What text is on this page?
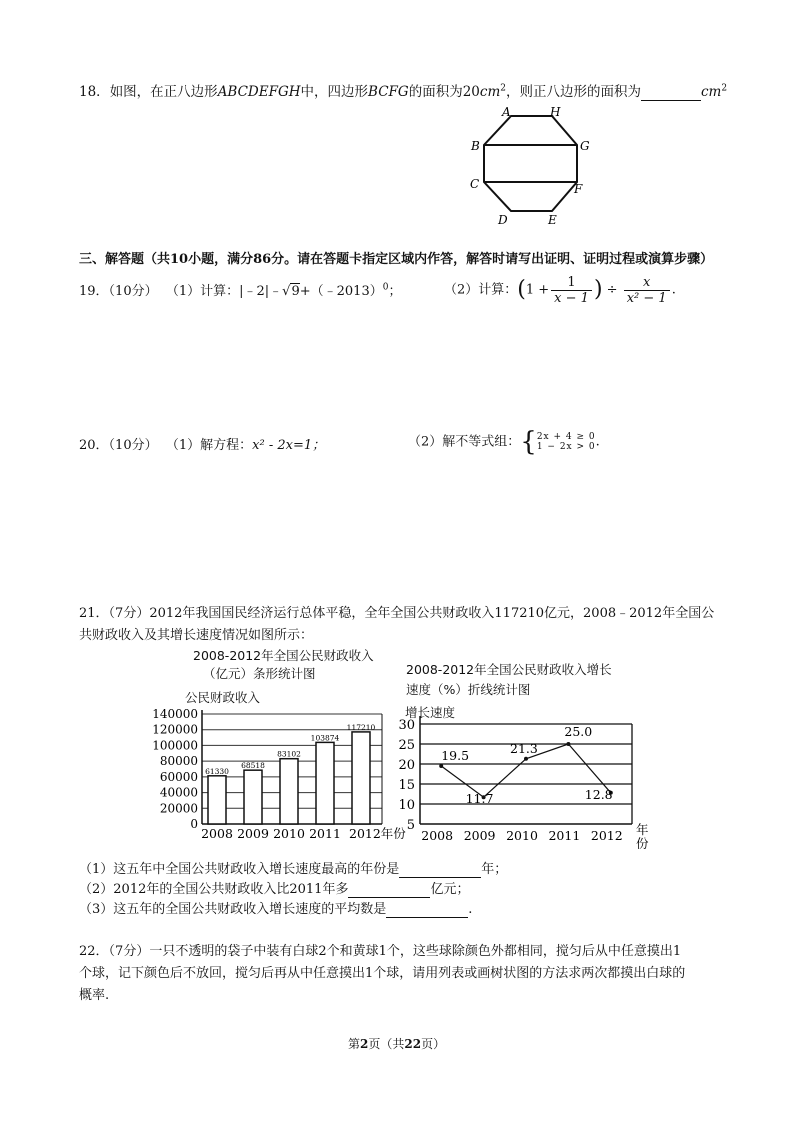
18．如图，在正八边形ABCDEFGH中，四边形BCFG的面积为$20cm^2$，则正八边形的面积为	$cm^2$
A	H
B	G
C	F
D	E
三、解答题（共10小题，满分86分。请在答题卡指定区域内作答，解答时请写出证明、证明过程或演算步骤）
19．（10分） （1）计算：|﹣2|﹣√9+（﹣2013）$^0$；	（2）计算：($1 + \frac{1}{x - 1}$ ) ÷ $\frac{x}{\text{x² − 1}}$ .
20．（10分） （1）解方程：x² - 2x=1；	（2）解不等式组：{ 2x + 4 ≥ 0
1 − 2x > 0 .
21．（7分）2012年我国国民经济运行总体平稳，全年全国公共财政收入117210亿元，2008﹣2012年全国公
共财政收入及其增长速度情况如图所示：
2008-2012年全国公民财政收入
（亿元）条形统计图
公民财政收入
0
20000
40000
60000
80000
100000
120000
140000
61330
2008
68518
2009
83102
2010
103874
2011
117210
2012年份
2008-2012年全国公民财政收入增长
速度（%）折线统计图
增长速度
5
10
15
20
25
30
19.5
2008
11.7
2009
21.3
2010
25.0
2011
12.8
2012 年
份
（1）这五年中全国公共财政收入增长速度最高的年份是	年；
（2）2012年的全国公共财政收入比2011年多	亿元；
（3）这五年的全国公共财政收入增长速度的平均数是	.
22．（7分）一只不透明的袋子中装有白球2个和黄球1个，这些球除颜色外都相同，搅匀后从中任意摸出1
个球，记下颜色后不放回，搅匀后再从中任意摸出1个球，请用列表或画树状图的方法求两次都摸出白球的
概率.
第2页（共22页）
